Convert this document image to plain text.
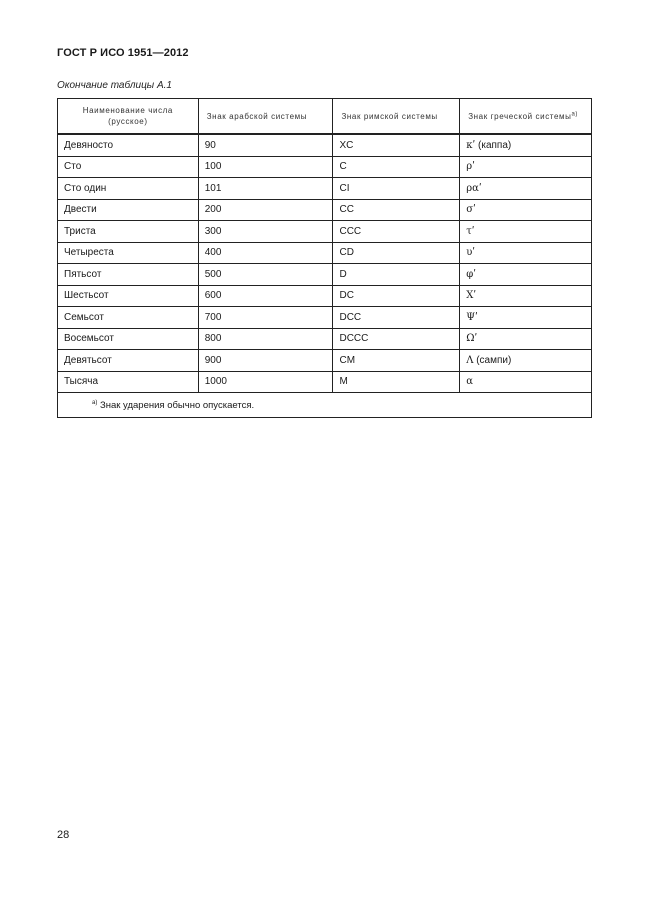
ГОСТ Р ИСО 1951—2012
Окончание таблицы А.1
Наименование числа
(русское)	Знак арабской системы	Знак римской системы	Знак греческой системы$^{а)}$
Девяносто	90	XC	κʹ (каппа)
Сто	100	C	ρʹ
Сто один	101	CI	ραʹ
Двести	200	CC	σʹ
Триста	300	CCC	τʹ
Четыреста	400	CD	υʹ
Пятьсот	500	D	φʹ
Шестьсот	600	DC	Χʹ
Семьсот	700	DCC	Ψʹ
Восемьсот	800	DCCC	Ωʹ
Девятьсот	900	CM	Λ (сампи)
Тысяча	1000	M	α
$^{а)}$ Знак ударения обычно опускается.			
28
